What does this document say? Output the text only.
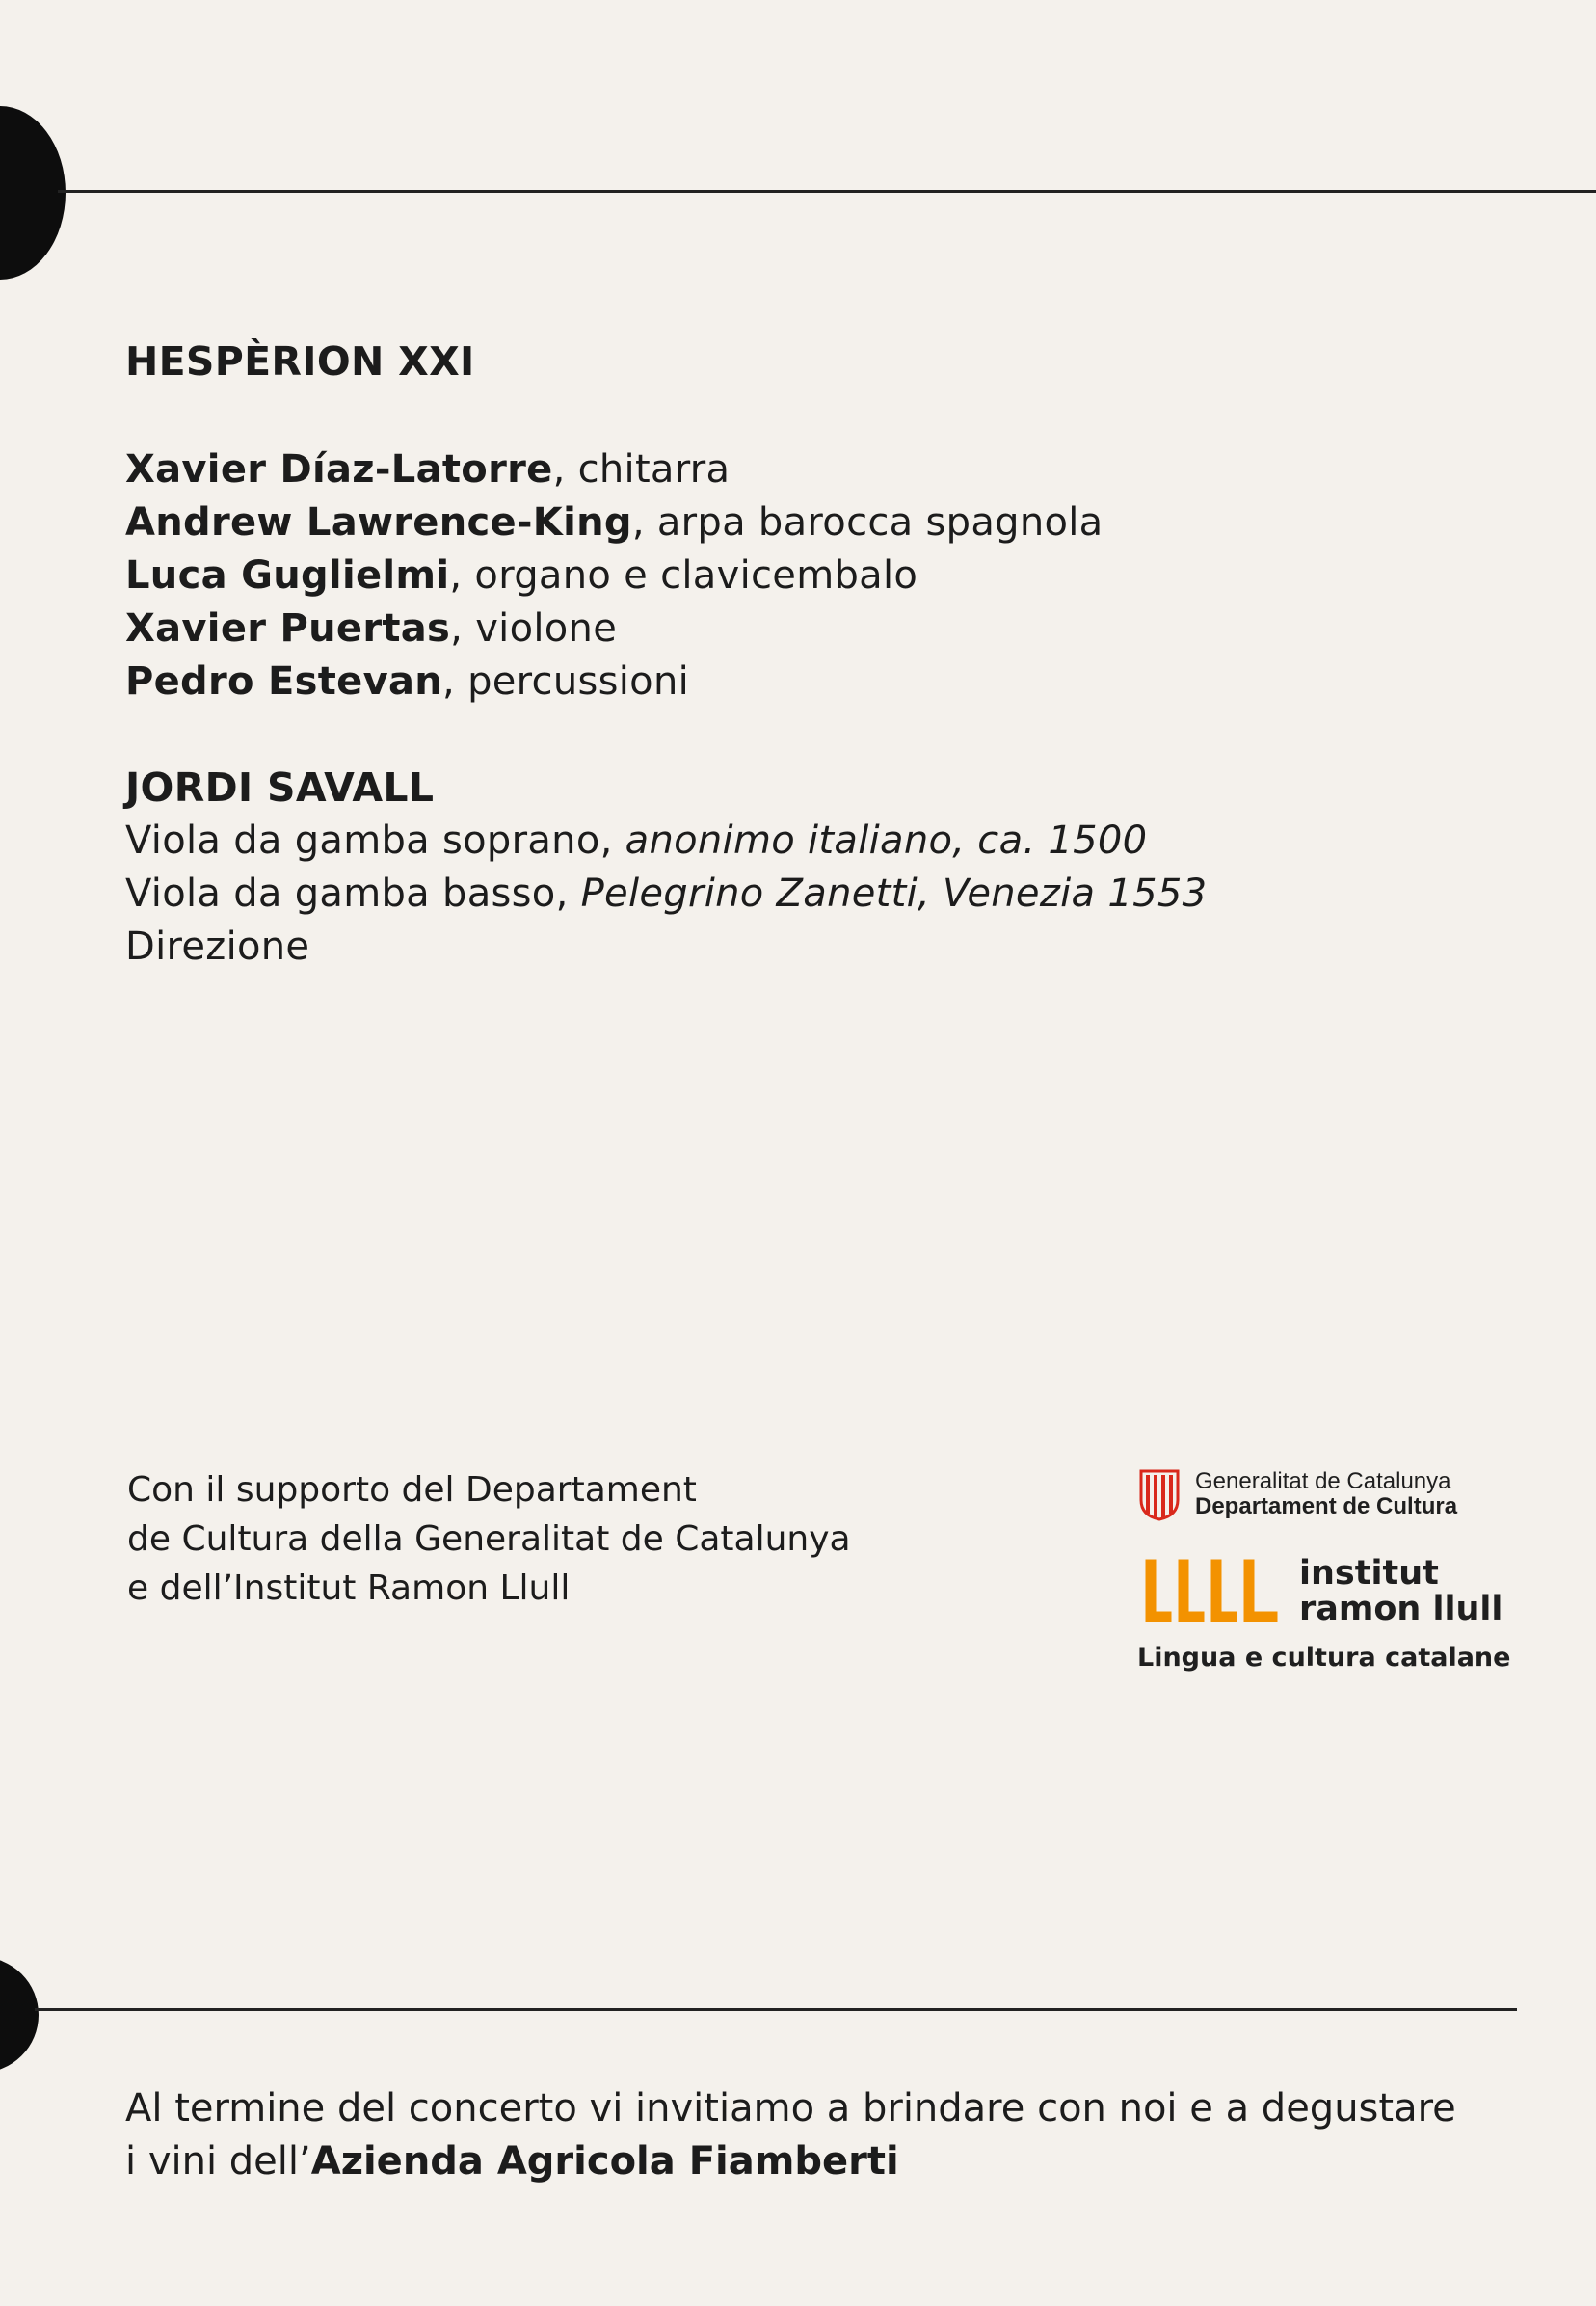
HESPÈRION XXI
Xavier Díaz-Latorre, chitarra
Andrew Lawrence-King, arpa barocca spagnola
Luca Guglielmi, organo e clavicembalo
Xavier Puertas, violone
Pedro Estevan, percussioni
JORDI SAVALL
Viola da gamba soprano, anonimo italiano, ca. 1500
Viola da gamba basso, Pelegrino Zanetti, Venezia 1553
Direzione
Con il supporto del Departament
de Cultura della Generalitat de Catalunya
e dell’Institut Ramon Llull
Generalitat de Catalunya
Departament de Cultura
institut
ramon llull
Lingua e cultura catalane
Al termine del concerto vi invitiamo a brindare con noi e a degustare
i vini dell’Azienda Agricola Fiamberti
